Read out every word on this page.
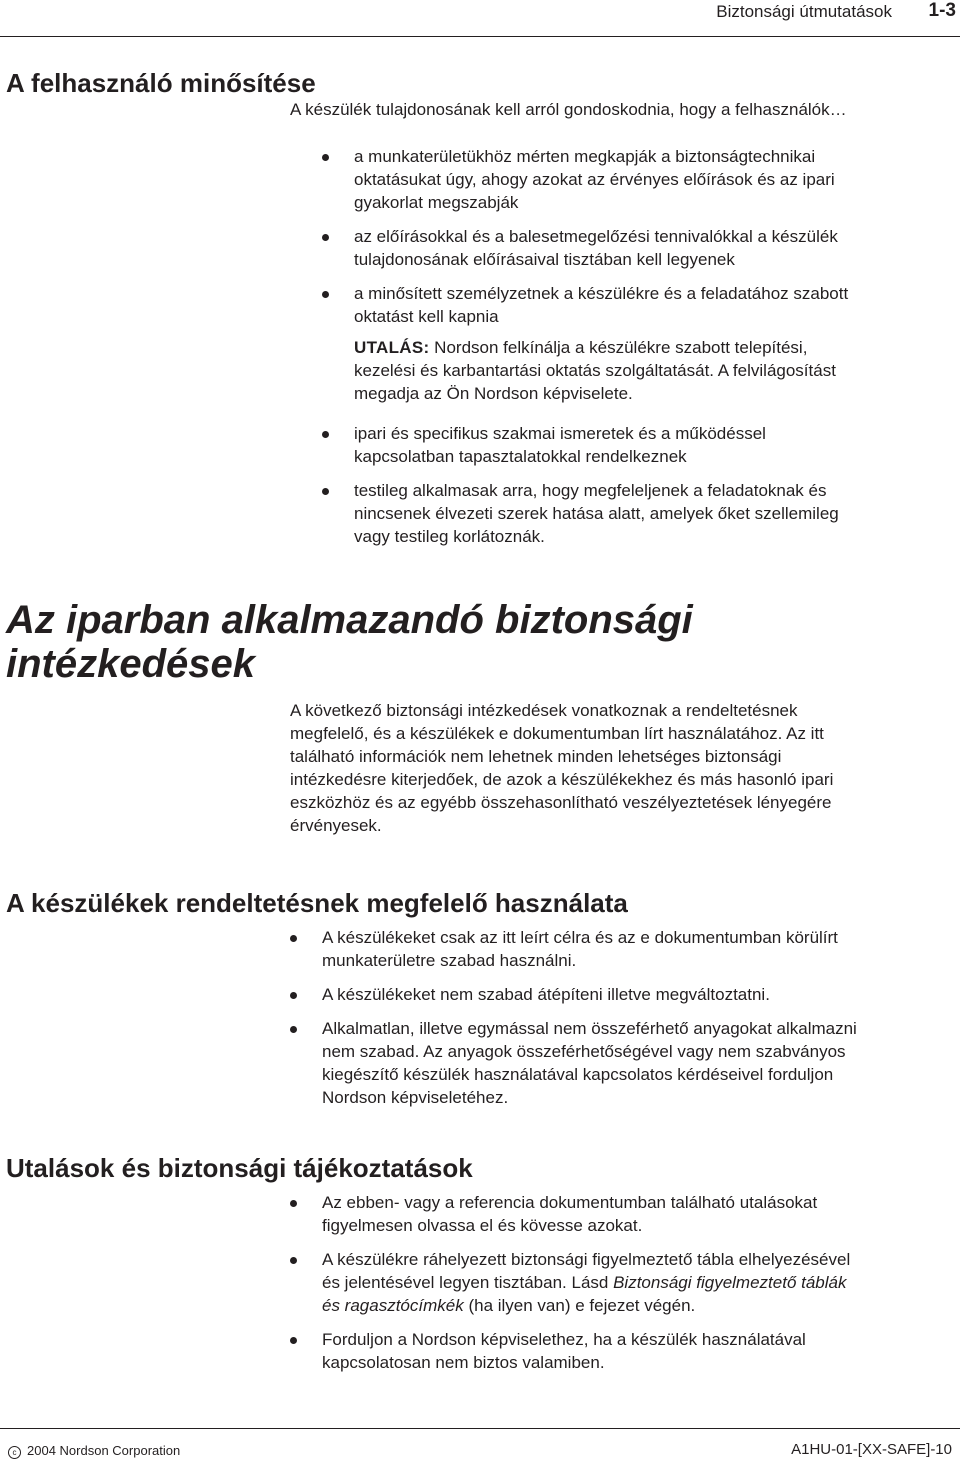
Biztonsági útmutatások 1-3
A felhasználó minősítése

A készülék tulajdonosának kell arról gondoskodnia, hogy a felhasználók…

a munkaterületükhöz mérten megkapják a biztonságtechnikai
oktatásukat úgy, ahogy azokat az érvényes előírások és az ipari
gyakorlat megszabják
az előírásokkal és a balesetmegelőzési tennivalókkal a készülék
tulajdonosának előírásaival tisztában kell legyenek
a minősített személyzetnek a készülékre és a feladatához szabott
oktatást kell kapnia
UTALÁS: Nordson felkínálja a készülékre szabott telepítési,
kezelési és karbantartási oktatás szolgáltatását. A felvilágosítást
megadja az Ön Nordson képviselete.
ipari és specifikus szakmai ismeretek és a működéssel
kapcsolatban tapasztalatokkal rendelkeznek
testileg alkalmasak arra, hogy megfeleljenek a feladatoknak és
nincsenek élvezeti szerek hatása alatt, amelyek őket szellemileg
vagy testileg korlátoznák.
Az iparban alkalmazandó biztonsági
intézkedések
A következő biztonsági intézkedések vonatkoznak a rendeltetésnek
megfelelő, és a készülékek e dokumentumban lírt használatához. Az itt
található információk nem lehetnek minden lehetséges biztonsági
intézkedésre kiterjedőek, de azok a készülékekhez és más hasonló ipari
eszközhöz és az egyébb összehasonlítható veszélyeztetések lényegére
érvényesek.
A készülékek rendeltetésnek megfelelő használata
A készülékeket csak az itt leírt célra és az e dokumentumban körülírt
munkaterületre szabad használni.
A készülékeket nem szabad átépíteni illetve megváltoztatni.
Alkalmatlan, illetve egymással nem összeférhető anyagokat alkalmazni
nem szabad. Az anyagok összeférhetőségével vagy nem szabványos
kiegészítő készülék használatával kapcsolatos kérdéseivel forduljon
Nordson képviseletéhez.
Utalások és biztonsági tájékoztatások
Az ebben- vagy a referencia dokumentumban található utalásokat
figyelmesen olvassa el és kövesse azokat.
A készülékre ráhelyezett biztonsági figyelmeztető tábla elhelyezésével
és jelentésével legyen tisztában. Lásd Biztonsági figyelmeztető táblák
és ragasztócímkék (ha ilyen van) e fejezet végén.
Forduljon a Nordson képviselethez, ha a készülék használatával
kapcsolatosan nem biztos valamiben.
c 2004 Nordson Corporation	A1HU-01-[XX-SAFE]-10
